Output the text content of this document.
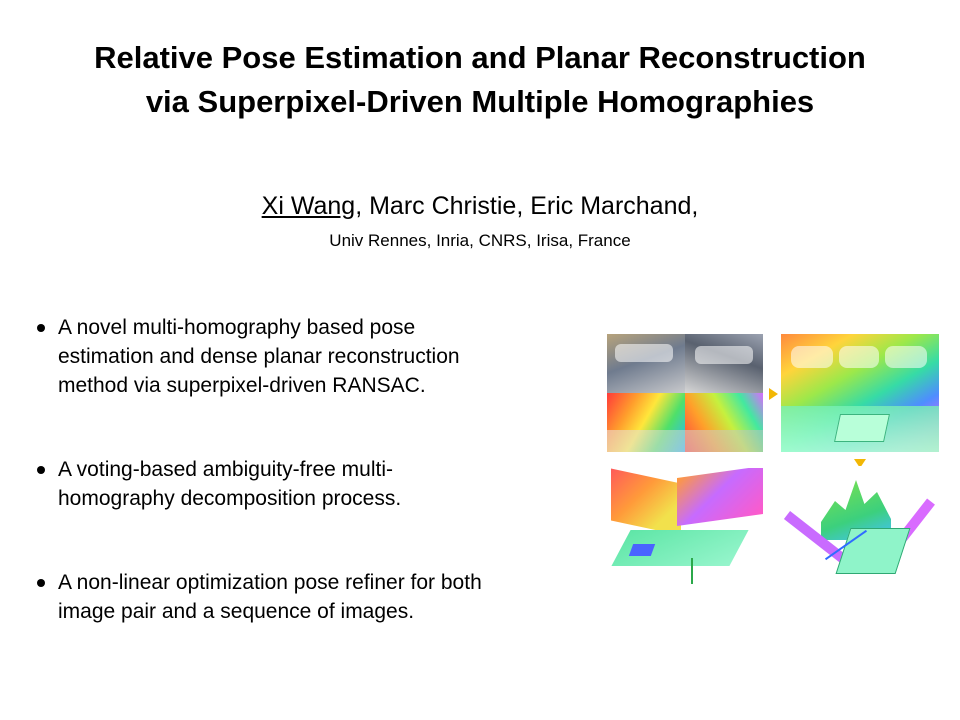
Relative Pose Estimation and Planar Reconstruction
via Superpixel-Driven Multiple Homographies
Xi Wang, Marc Christie, Eric Marchand,
Univ Rennes, Inria, CNRS, Irisa, France
A novel multi-homography based pose
estimation and dense planar reconstruction
method via superpixel-driven RANSAC.
A voting-based ambiguity-free multi-
homography decomposition process.
A non-linear optimization pose refiner for both
image pair and a sequence of images.
